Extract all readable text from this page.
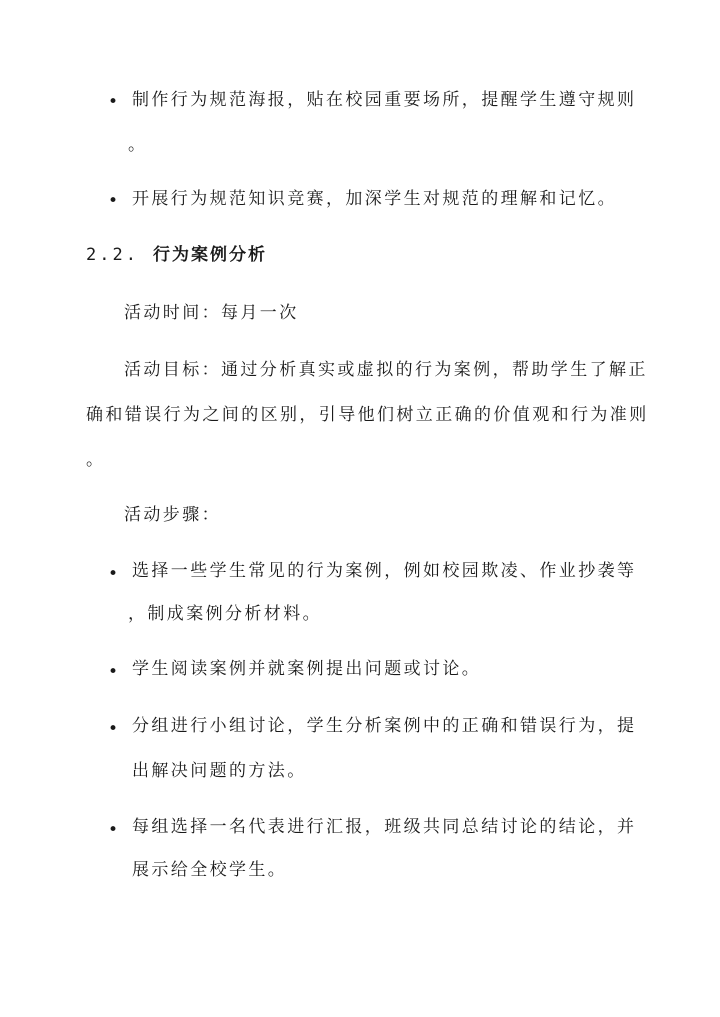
• 制作行为规范海报，贴在校园重要场所，提醒学生遵守规则
。
• 开展行为规范知识竞赛，加深学生对规范的理解和记忆。
2.2. 行为案例分析
活动时间：每月一次
活动目标：通过分析真实或虚拟的行为案例，帮助学生了解正
确和错误行为之间的区别，引导他们树立正确的价值观和行为准则
。
活动步骤：
• 选择一些学生常见的行为案例，例如校园欺凌、作业抄袭等
，制成案例分析材料。
• 学生阅读案例并就案例提出问题或讨论。
• 分组进行小组讨论，学生分析案例中的正确和错误行为，提
出解决问题的方法。
• 每组选择一名代表进行汇报，班级共同总结讨论的结论，并
展示给全校学生。
